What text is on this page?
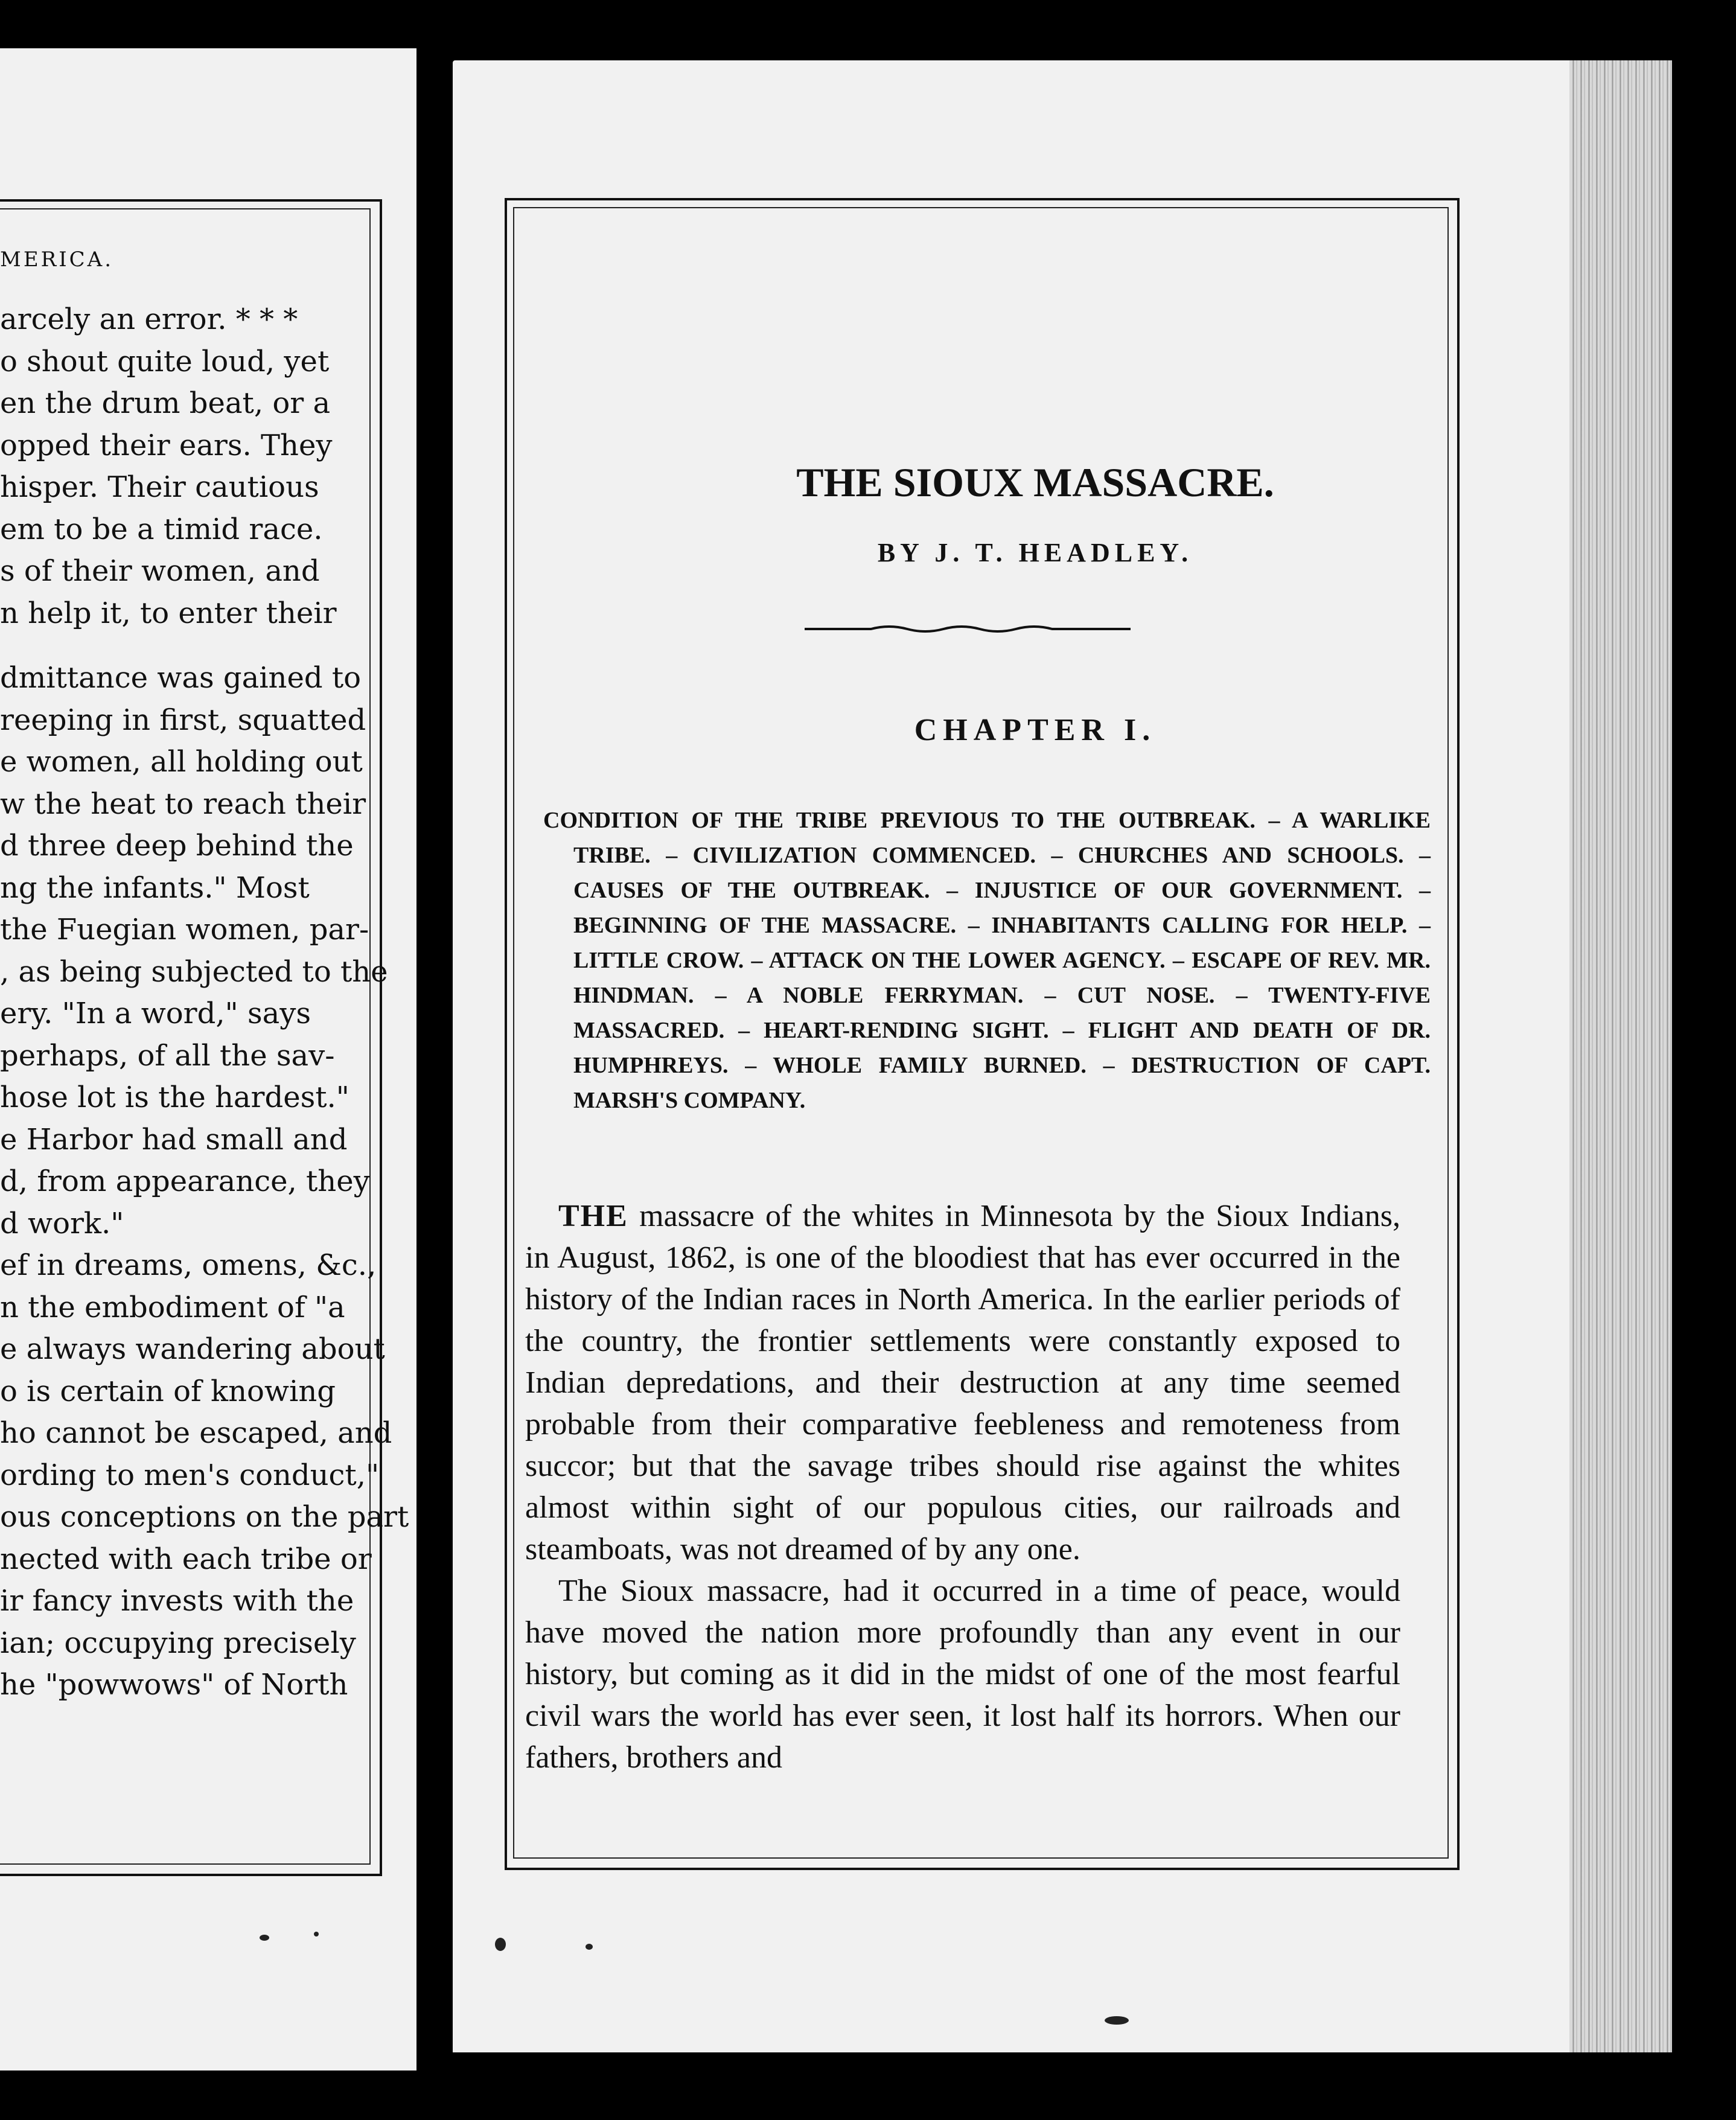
MERICA.
arcely an error. * * *
o shout quite loud, yet
en the drum beat, or a
opped their ears. They
hisper. Their cautious
em to be a timid race.
s of their women, and
n help it, to enter their
dmittance was gained to
reeping in first, squatted
e women, all holding out
w the heat to reach their
d three deep behind the
ng the infants." Most
the Fuegian women, par-
, as being subjected to the
ery. "In a word," says
perhaps, of all the sav-
hose lot is the hardest."
e Harbor had small and
d, from appearance, they
d work."
ef in dreams, omens, &c.,
n the embodiment of "a
e always wandering about
o is certain of knowing
ho cannot be escaped, and
ording to men's conduct,"
ous conceptions on the part
nected with each tribe or
ir fancy invests with the
ian; occupying precisely
he "powwows" of North
THE SIOUX MASSACRE.
BY J. T. HEADLEY.
CHAPTER I.
CONDITION OF THE TRIBE PREVIOUS TO THE OUTBREAK. – A WARLIKE TRIBE. – CIVILIZATION COMMENCED. – CHURCHES AND SCHOOLS. – CAUSES OF THE OUTBREAK. – INJUSTICE OF OUR GOVERNMENT. – BEGINNING OF THE MASSACRE. – INHABITANTS CALLING FOR HELP. – LITTLE CROW. – ATTACK ON THE LOWER AGENCY. – ESCAPE OF REV. MR. HINDMAN. – A NOBLE FERRYMAN. – CUT NOSE. – TWENTY-FIVE MASSACRED. – HEART-RENDING SIGHT. – FLIGHT AND DEATH OF DR. HUMPHREYS. – WHOLE FAMILY BURNED. – DESTRUCTION OF CAPT. MARSH'S COMPANY.

THE massacre of the whites in Minnesota by the Sioux Indians, in August, 1862, is one of the bloodiest that has ever occurred in the history of the Indian races in North America. In the earlier periods of the country, the frontier settlements were constantly exposed to Indian depredations, and their destruction at any time seemed probable from their comparative feebleness and remoteness from succor; but that the savage tribes should rise against the whites almost within sight of our populous cities, our railroads and steamboats, was not dreamed of by any one.

The Sioux massacre, had it occurred in a time of peace, would have moved the nation more profoundly than any event in our history, but coming as it did in the midst of one of the most fearful civil wars the world has ever seen, it lost half its horrors. When our fathers, brothers and
